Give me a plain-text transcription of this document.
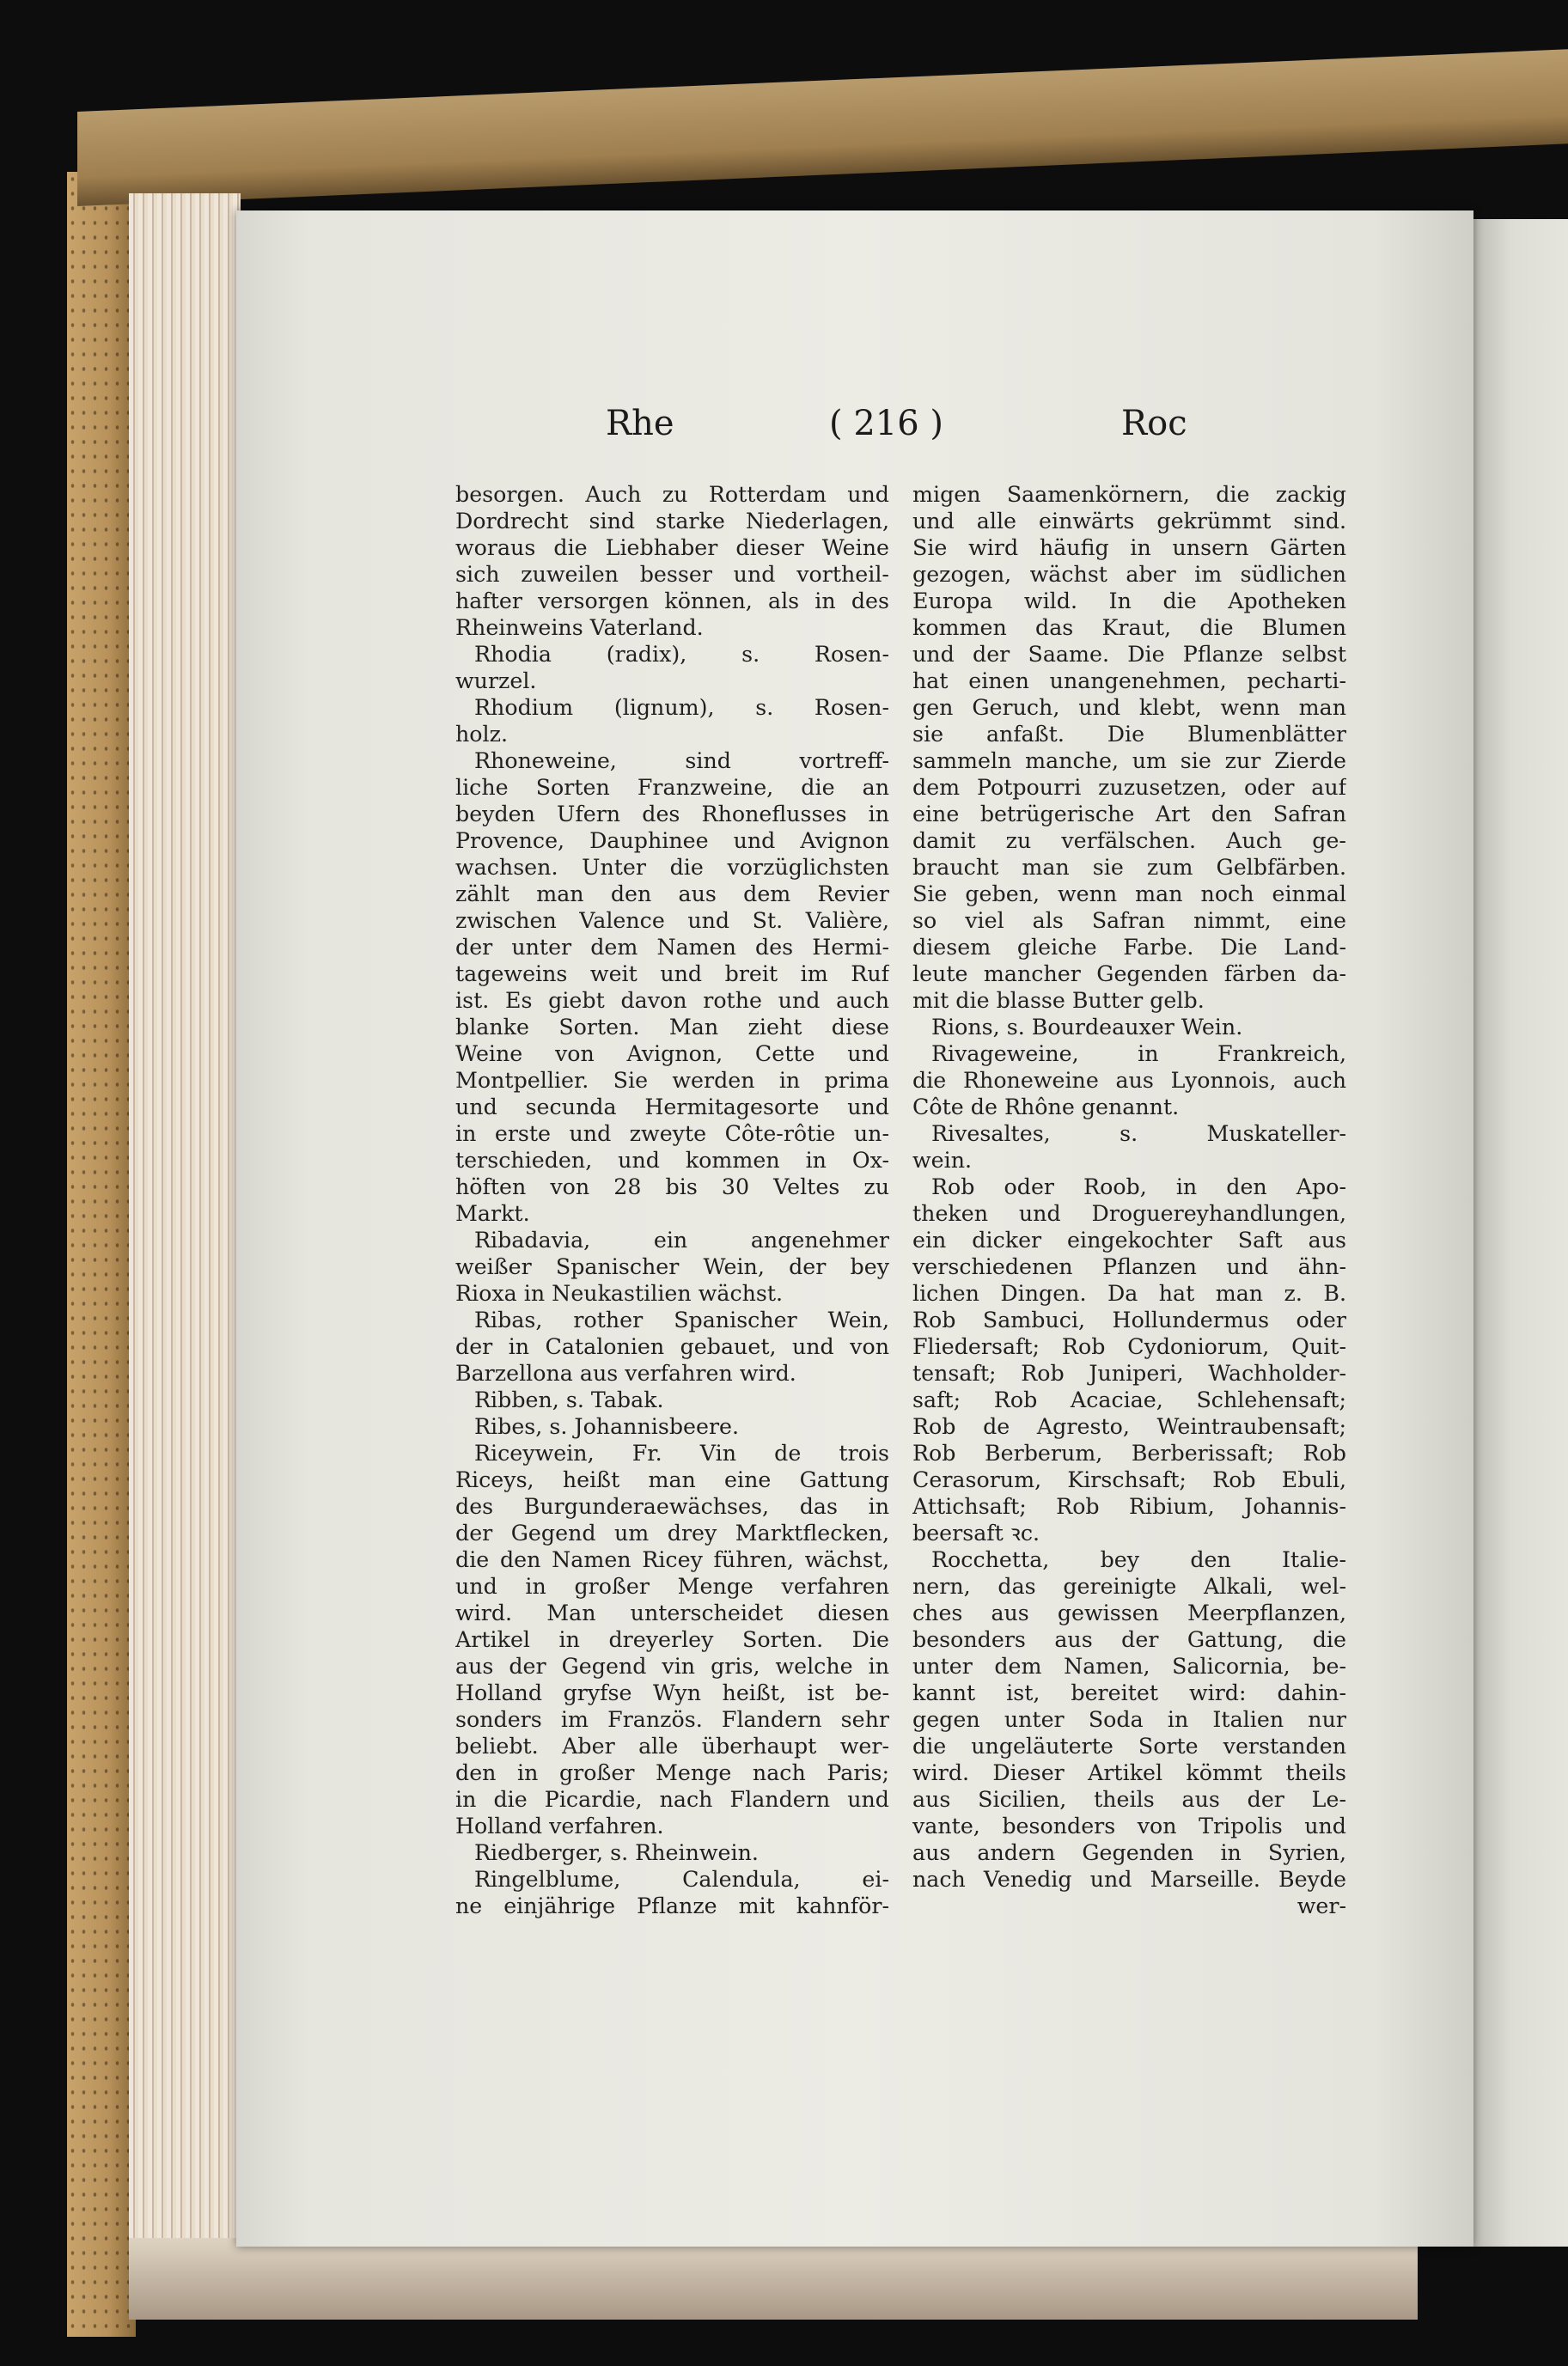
Rhe	( 216 )	Roc
besorgen. Auch zu Rotterdam und
Dordrecht sind starke Niederlagen,
woraus die Liebhaber dieser Weine
sich zuweilen besser und vortheil-
hafter versorgen können, als in des
Rheinweins Vaterland.
Rhodia (radix), s. Rosen-
wurzel.
Rhodium (lignum), s. Rosen-
holz.
Rhoneweine, sind vortreff-
liche Sorten Franzweine, die an
beyden Ufern des Rhoneflusses in
Provence, Dauphinee und Avignon
wachsen. Unter die vorzüglichsten
zählt man den aus dem Revier
zwischen Valence und St. Valière,
der unter dem Namen des Hermi-
tageweins weit und breit im Ruf
ist. Es giebt davon rothe und auch
blanke Sorten. Man zieht diese
Weine von Avignon, Cette und
Montpellier. Sie werden in prima
und secunda Hermitagesorte und
in erste und zweyte Côte-rôtie un-
terschieden, und kommen in Ox-
höften von 28 bis 30 Veltes zu
Markt.
Ribadavia, ein angenehmer
weißer Spanischer Wein, der bey
Rioxa in Neukastilien wächst.
Ribas, rother Spanischer Wein,
der in Catalonien gebauet, und von
Barzellona aus verfahren wird.
Ribben, s. Tabak.
Ribes, s. Johannisbeere.
Riceywein, Fr. Vin de trois
Riceys, heißt man eine Gattung
des Burgunderaewächses, das in
der Gegend um drey Marktflecken,
die den Namen Ricey führen, wächst,
und in großer Menge verfahren
wird. Man unterscheidet diesen
Artikel in dreyerley Sorten. Die
aus der Gegend vin gris, welche in
Holland gryfse Wyn heißt, ist be-
sonders im Französ. Flandern sehr
beliebt. Aber alle überhaupt wer-
den in großer Menge nach Paris;
in die Picardie, nach Flandern und
Holland verfahren.
Riedberger, s. Rheinwein.
Ringelblume, Calendula, ei-
ne einjährige Pflanze mit kahnför-
migen Saamenkörnern, die zackig
und alle einwärts gekrümmt sind.
Sie wird häufig in unsern Gärten
gezogen, wächst aber im südlichen
Europa wild. In die Apotheken
kommen das Kraut, die Blumen
und der Saame. Die Pflanze selbst
hat einen unangenehmen, pecharti-
gen Geruch, und klebt, wenn man
sie anfaßt. Die Blumenblätter
sammeln manche, um sie zur Zierde
dem Potpourri zuzusetzen, oder auf
eine betrügerische Art den Safran
damit zu verfälschen. Auch ge-
braucht man sie zum Gelbfärben.
Sie geben, wenn man noch einmal
so viel als Safran nimmt, eine
diesem gleiche Farbe. Die Land-
leute mancher Gegenden färben da-
mit die blasse Butter gelb.
Rions, s. Bourdeauxer Wein.
Rivageweine, in Frankreich,
die Rhoneweine aus Lyonnois, auch
Côte de Rhône genannt.
Rivesaltes, s. Muskateller-
wein.
Rob oder Roob, in den Apo-
theken und Droguereyhandlungen,
ein dicker eingekochter Saft aus
verschiedenen Pflanzen und ähn-
lichen Dingen. Da hat man z. B.
Rob Sambuci, Hollundermus oder
Fliedersaft; Rob Cydoniorum, Quit-
tensaft; Rob Juniperi, Wachholder-
saft; Rob Acaciae, Schlehensaft;
Rob de Agresto, Weintraubensaft;
Rob Berberum, Berberissaft; Rob
Cerasorum, Kirschsaft; Rob Ebuli,
Attichsaft; Rob Ribium, Johannis-
beersaft ꝛc.
Rocchetta, bey den Italie-
nern, das gereinigte Alkali, wel-
ches aus gewissen Meerpflanzen,
besonders aus der Gattung, die
unter dem Namen, Salicornia, be-
kannt ist, bereitet wird: dahin-
gegen unter Soda in Italien nur
die ungeläuterte Sorte verstanden
wird. Dieser Artikel kömmt theils
aus Sicilien, theils aus der Le-
vante, besonders von Tripolis und
aus andern Gegenden in Syrien,
nach Venedig und Marseille. Beyde
wer-
